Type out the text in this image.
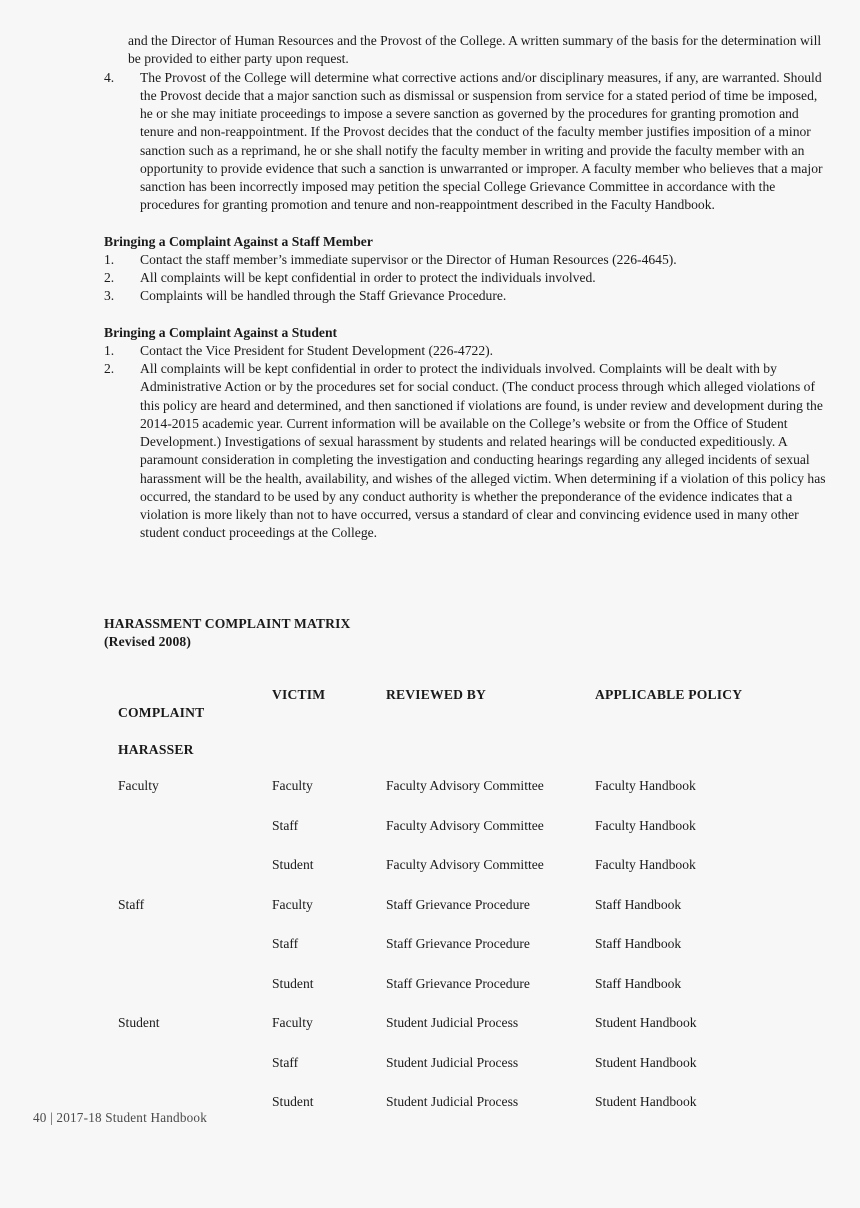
and the Director of Human Resources and the Provost of the College. A written summary of the basis for the determination will be provided to either party upon request.

4.	The Provost of the College will determine what corrective actions and/or disciplinary measures, if any, are warranted. Should the Provost decide that a major sanction such as dismissal or suspension from service for a stated period of time be imposed, he or she may initiate proceedings to impose a severe sanction as governed by the procedures for granting promotion and tenure and non-reappointment. If the Provost decides that the conduct of the faculty member justifies imposition of a minor sanction such as a reprimand, he or she shall notify the faculty member in writing and provide the faculty member with an opportunity to provide evidence that such a sanction is unwarranted or improper. A faculty member who believes that a major sanction has been incorrectly imposed may petition the special College Grievance Committee in accordance with the procedures for granting promotion and tenure and non-reappointment described in the Faculty Handbook.
Bringing a Complaint Against a Staff Member
1.	Contact the staff member’s immediate supervisor or the Director of Human Resources (226-4645).
2.	All complaints will be kept confidential in order to protect the individuals involved.
3.	Complaints will be handled through the Staff Grievance Procedure.
Bringing a Complaint Against a Student
1.	Contact the Vice President for Student Development (226-4722).
2.	All complaints will be kept confidential in order to protect the individuals involved. Complaints will be dealt with by Administrative Action or by the procedures set for social conduct. (The conduct process through which alleged violations of this policy are heard and determined, and then sanctioned if violations are found, is under review and development during the 2014-2015 academic year. Current information will be available on the College’s website or from the Office of Student Development.) Investigations of sexual harassment by students and related hearings will be conducted expeditiously. A paramount consideration in completing the investigation and conducting hearings regarding any alleged incidents of sexual harassment will be the health, availability, and wishes of the alleged victim. When determining if a violation of this policy has occurred, the standard to be used by any conduct authority is whether the preponderance of the evidence indicates that a violation is more likely than not to have occurred, versus a standard of clear and convincing evidence used in many other student conduct proceedings at the College.
HARASSMENT COMPLAINT MATRIX
(Revised 2008)

COMPLAINT

HARASSER	VICTIM	REVIEWED BY	APPLICABLE POLICY
Faculty	Faculty	Faculty Advisory Committee	Faculty Handbook
	Staff	Faculty Advisory Committee	Faculty Handbook
	Student	Faculty Advisory Committee	Faculty Handbook
Staff	Faculty	Staff Grievance Procedure	Staff Handbook
	Staff	Staff Grievance Procedure	Staff Handbook
	Student	Staff Grievance Procedure	Staff Handbook
Student	Faculty	Student Judicial Process	Student Handbook
	Staff	Student Judicial Process	Student Handbook
	Student	Student Judicial Process	Student Handbook
40 | 2017-18 Student Handbook
